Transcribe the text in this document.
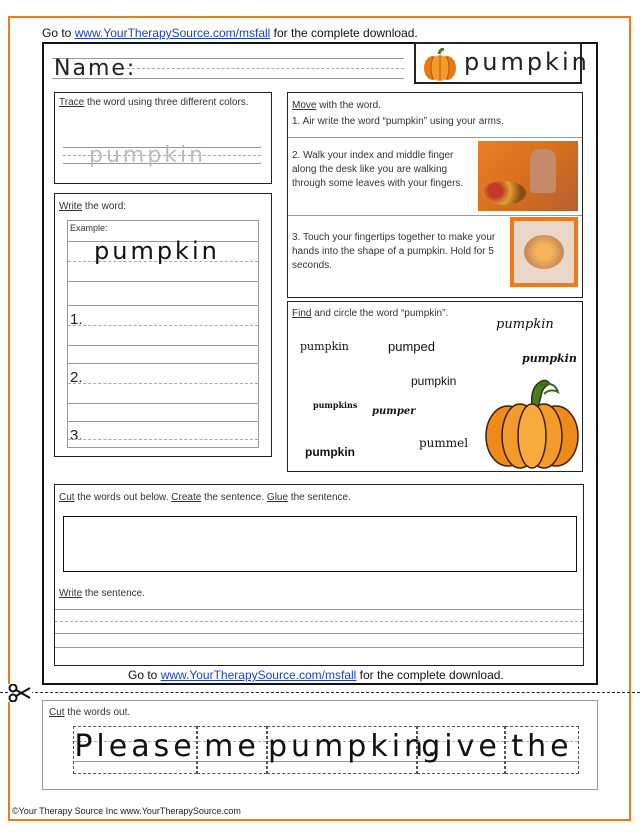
Go to www.YourTherapySource.com/msfall for the complete download.
Name:	pumpkin
Trace the word using three different colors.
pumpkin
Write the word:
Example:
pumpkin
1.
2.
3.
Move with the word.
1. Air write the word “pumpkin” using your arms.
2. Walk your index and middle finger along the desk like you are walking through some leaves with your fingers.
3. Touch your fingertips together to make your hands into the shape of a pumpkin. Hold for 5 seconds.
Find and circle the word “pumpkin”.
pumpkin
pumpkin	pumped
pumpkin
pumpkin
pumpkins
pumper
pummel
pumpkin
Cut the words out below. Create the sentence. Glue the sentence.
Write the sentence.
Go to www.YourTherapySource.com/msfall for the complete download.
Cut the words out.
Please me pumpkin.
give the
©Your Therapy Source Inc www.YourTherapySource.com
